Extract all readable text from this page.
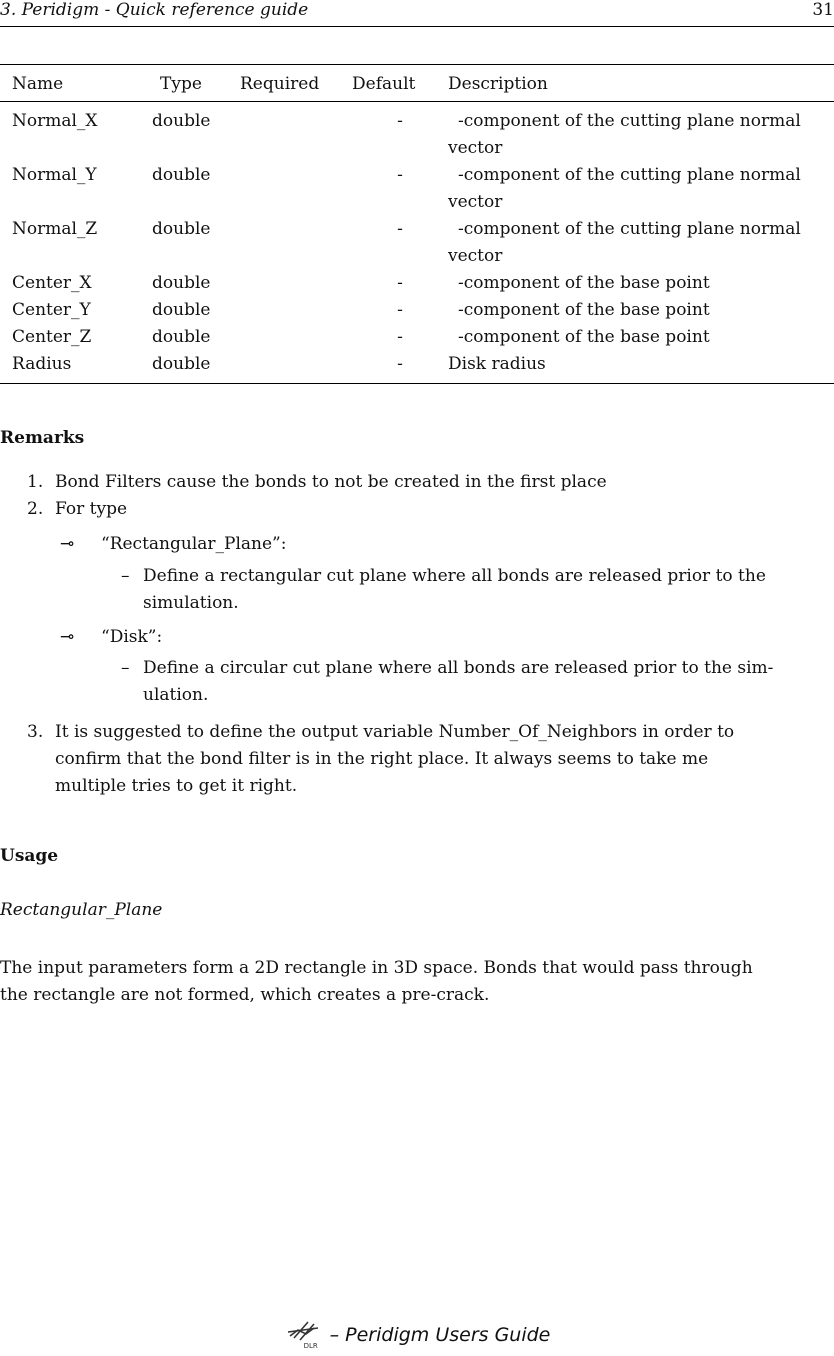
3. Peridigm - Quick reference guide	31
Name	Type	Required	Default	Description
Normal_X	double		-	-component of the cutting plane normal
vector

Normal_Y	double		-	-component of the cutting plane normal
vector

Normal_Z	double		-	-component of the cutting plane normal
vector

Center_X	double		-	-component of the base point

Center_Y	double		-	-component of the base point

Center_Z	double		-	-component of the base point

Radius	double		-	Disk radius
Remarks
1. Bond Filters cause the bonds to not be created in the first place
2. For type
⊸ “Rectangular_Plane”:
– Define a rectangular cut plane where all bonds are released prior to the
simulation.
⊸ “Disk”:
– Define a circular cut plane where all bonds are released prior to the sim-
ulation.
3. It is suggested to define the output variable Number_Of_Neighbors in order to
confirm that the bond filter is in the right place. It always seems to take me
multiple tries to get it right.
Usage
Rectangular_Plane
The input parameters form a 2D rectangle in 3D space. Bonds that would pass through
the rectangle are not formed, which creates a pre-crack.
DLR – Peridigm Users Guide
